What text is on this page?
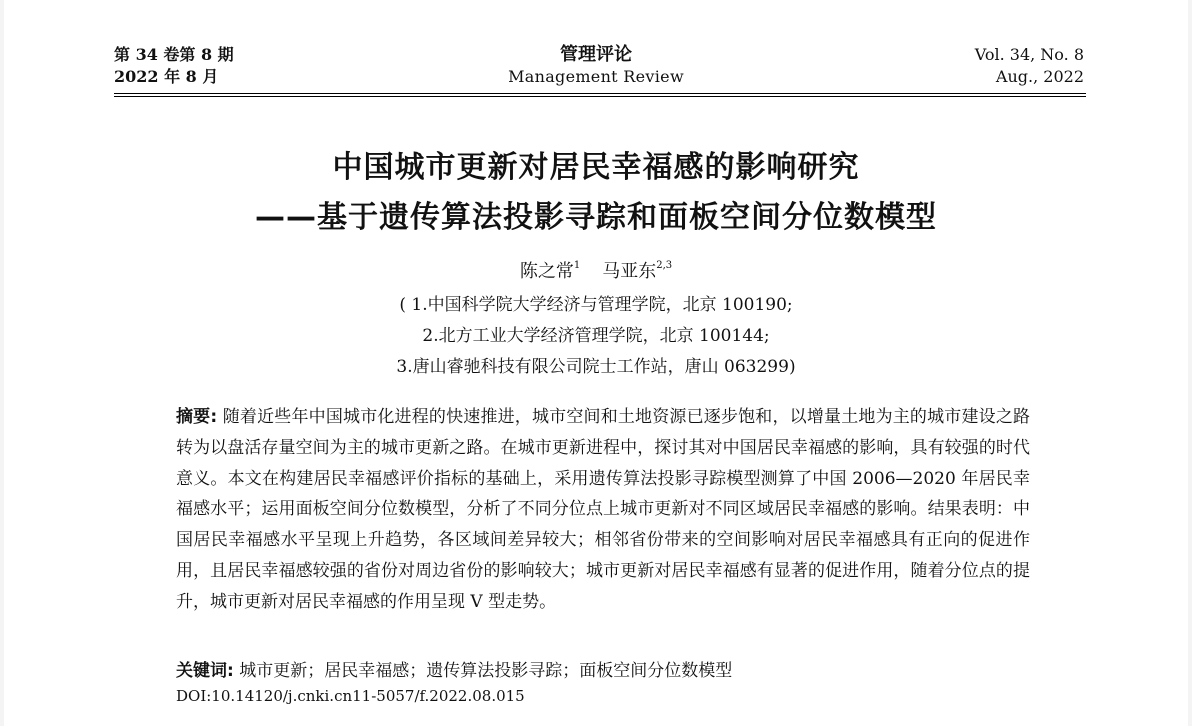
第 34 卷第 8 期
2022 年 8 月
管理评论
Management Review
Vol. 34, No. 8
Aug., 2022
中国城市更新对居民幸福感的影响研究
——基于遗传算法投影寻踪和面板空间分位数模型
陈之常$^1$ 马亚东$^{2,3}$
( 1.中国科学院大学经济与管理学院，北京 100190;
2.北方工业大学经济管理学院，北京 100144;
3.唐山睿驰科技有限公司院士工作站，唐山 063299)
摘要: 随着近些年中国城市化进程的快速推进，城市空间和土地资源已逐步饱和，以增量土地为主的城市建设之路转为以盘活存量空间为主的城市更新之路。在城市更新进程中，探讨其对中国居民幸福感的影响，具有较强的时代意义。本文在构建居民幸福感评价指标的基础上，采用遗传算法投影寻踪模型测算了中国 2006—2020 年居民幸福感水平；运用面板空间分位数模型，分析了不同分位点上城市更新对不同区域居民幸福感的影响。结果表明：中国居民幸福感水平呈现上升趋势，各区域间差异较大；相邻省份带来的空间影响对居民幸福感具有正向的促进作用，且居民幸福感较强的省份对周边省份的影响较大；城市更新对居民幸福感有显著的促进作用，随着分位点的提升，城市更新对居民幸福感的作用呈现 V 型走势。
关键词: 城市更新；居民幸福感；遗传算法投影寻踪；面板空间分位数模型
DOI:10.14120/j.cnki.cn11-5057/f.2022.08.015
